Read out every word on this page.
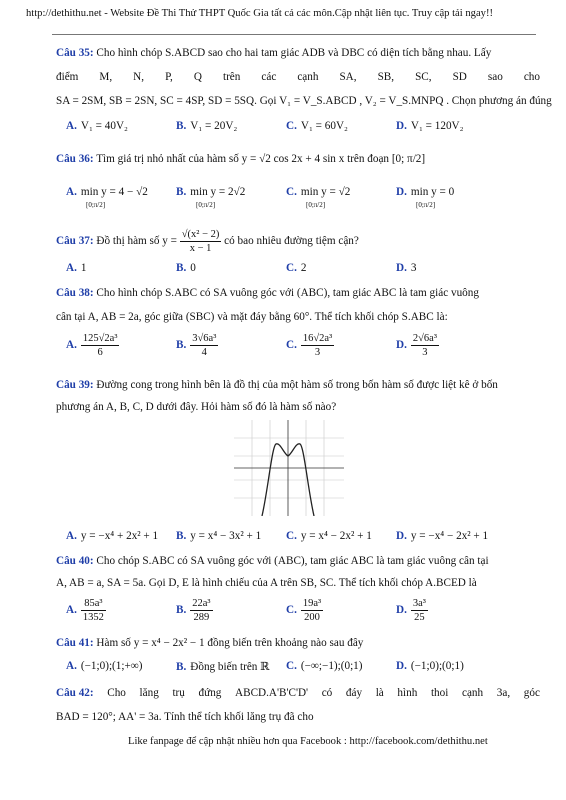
http://dethithu.net - Website Đề Thi Thử THPT Quốc Gia tất cả các môn.Cập nhật liên tục. Truy cập tải ngay!!
Câu 35: Cho hình chóp S.ABCD sao cho hai tam giác ADB và DBC có diện tích bằng nhau. Lấy
điểm M, N, P, Q trên các cạnh SA, SB, SC, SD sao cho
SA = 2SM, SB = 2SN, SC = 4SP, SD = 5SQ. Gọi V₁ = V_S.ABCD , V₂ = V_S.MNPQ . Chọn phương án đúng
A. V₁ = 40V₂	B. V₁ = 20V₂	C. V₁ = 60V₂	D. V₁ = 120V₂
Câu 36: Tìm giá trị nhỏ nhất của hàm số y = √2 cos 2x + 4 sin x trên đoạn [0; π/2]
A. min y = 4 − √2
[0;π/2]
B. min y = 2√2
[0;π/2]
C. min y = √2
[0;π/2]
D. min y = 0
[0;π/2]
Câu 37: Đồ thị hàm số $y = \frac{\text{√(x² − 2)}}{x - 1}$ có bao nhiêu đường tiệm cận?
A. 1	B. 0	C. 2	D. 3
Câu 38: Cho hình chóp S.ABC có SA vuông góc với (ABC), tam giác ABC là tam giác vuông
cân tại A, AB = 2a, góc giữa (SBC) và mặt đáy bằng 60°. Thể tích khối chóp S.ABC là:
A. $\frac{\text{125√2a³}}{6}$	B. $\frac{\text{3√6a³}}{4}$	C. $\frac{\text{16√2a³}}{3}$	D. $\frac{\text{2√6a³}}{3}$
Câu 39: Đường cong trong hình bên là đồ thị của một hàm số trong bốn hàm số được liệt kê ở bốn
phương án A, B, C, D dưới đây. Hỏi hàm số đó là hàm số nào?
A. y = −x⁴ + 2x² + 1 B. y = x⁴ − 3x² + 1 C. y = x⁴ − 2x² + 1 D. y = −x⁴ − 2x² + 1
Câu 40: Cho chóp S.ABC có SA vuông góc với (ABC), tam giác ABC là tam giác vuông cân tại
A, AB = a, SA = 5a. Gọi D, E là hình chiếu của A trên SB, SC. Thể tích khối chóp A.BCED là
A. $\frac{\text{85a³}}{1352}$	B. $\frac{\text{22a³}}{289}$	C. $\frac{\text{19a³}}{200}$	D. $\frac{\text{3a³}}{25}$
Câu 41: Hàm số y = x⁴ − 2x² − 1 đồng biến trên khoảng nào sau đây
A. (−1;0);(1;+∞)	B. Đồng biến trên ℝ C. (−∞;−1);(0;1)	D. (−1;0);(0;1)
Câu 42: Cho lăng trụ đứng ABCD.A'B'C'D' có đáy là hình thoi cạnh 3a, góc
BAD = 120°; AA' = 3a. Tính thể tích khối lăng trụ đã cho
Like fanpage để cập nhật nhiều hơn qua Facebook : http://facebook.com/dethithu.net
